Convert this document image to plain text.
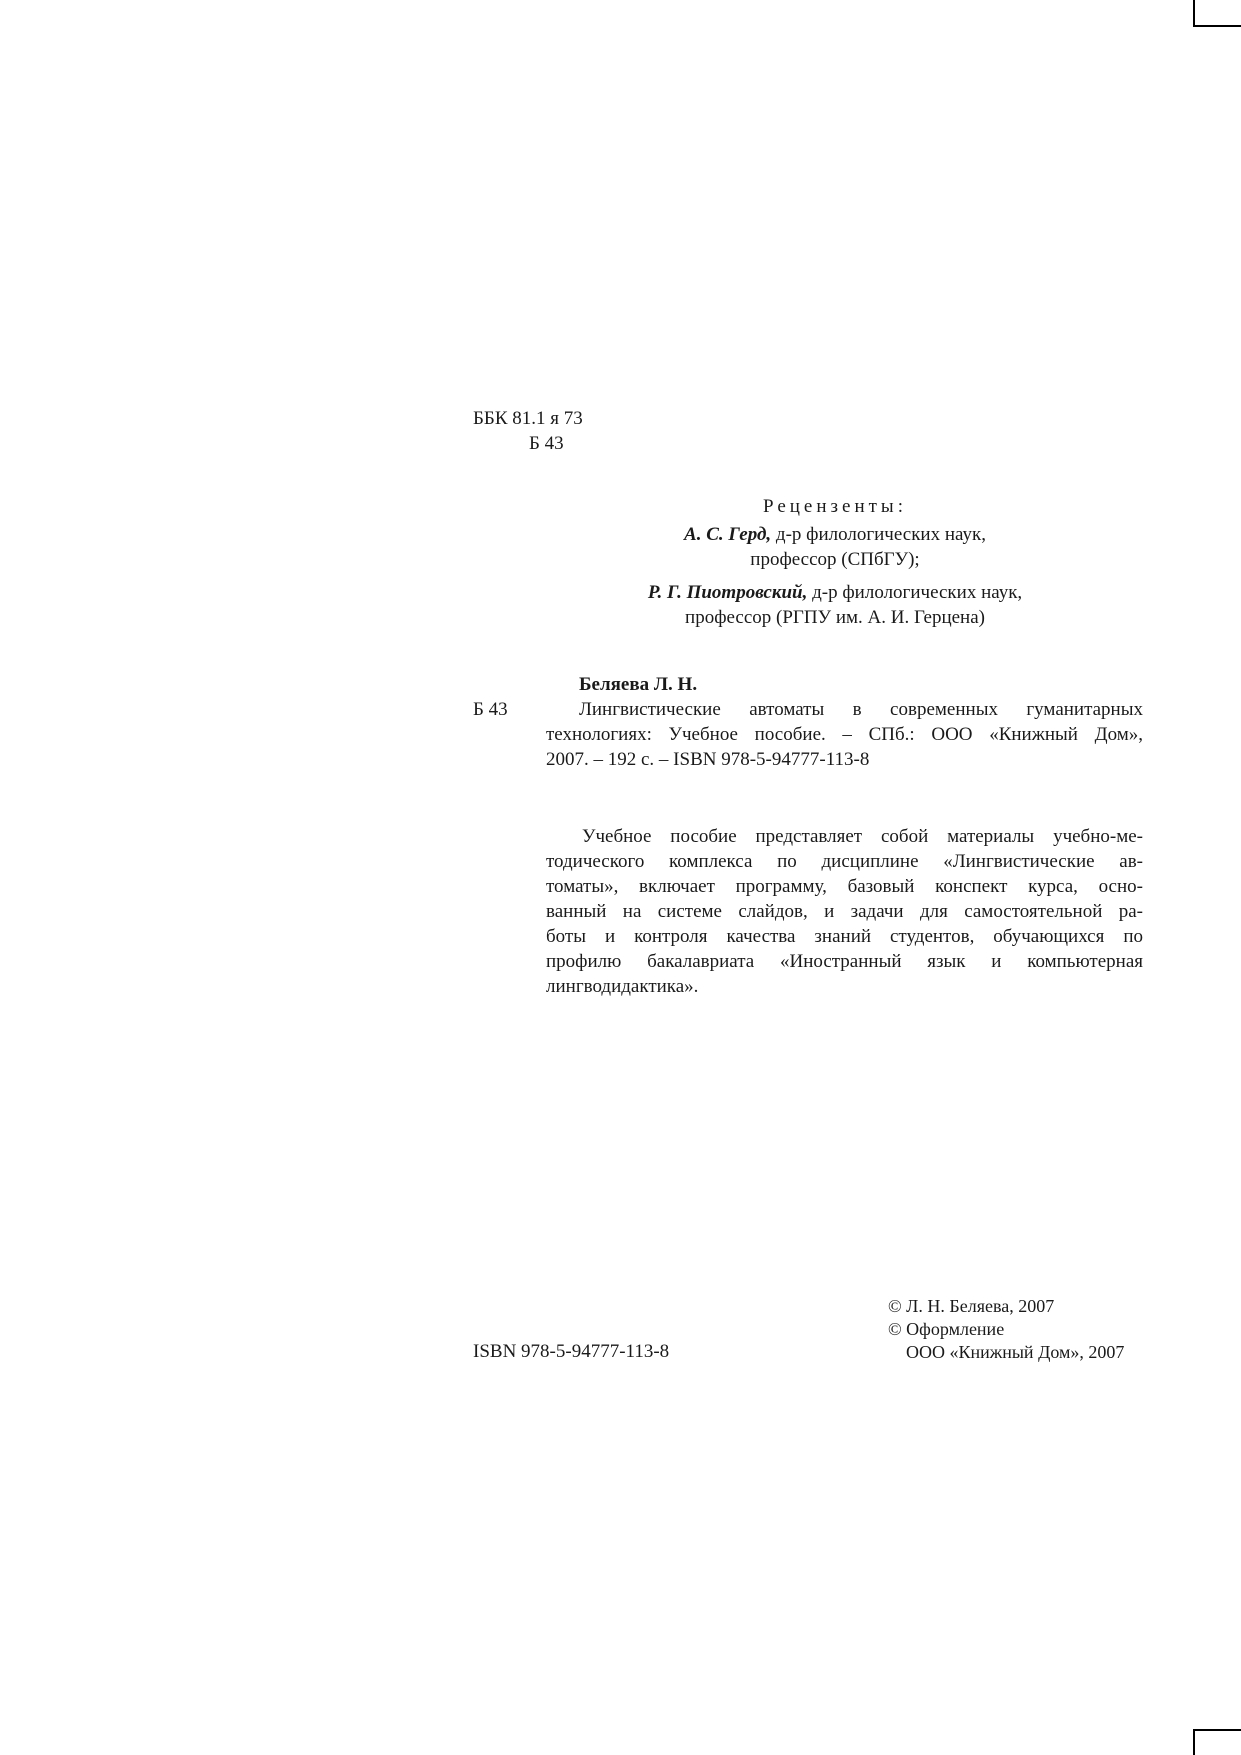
ББК 81.1 я 73
Б 43
Рецензенты:
А. С. Герд, д-р филологических наук,
профессор (СПбГУ);
Р. Г. Пиотровский, д-р филологических наук,
профессор (РГПУ им. А. И. Герцена)
Беляева Л. Н.
Б 43	Лингвистические автоматы в современных гуманитарных
технологиях: Учебное пособие. – СПб.: ООО «Книжный Дом»,
2007. – 192 с. – ISBN 978-5-94777-113-8
Учебное пособие представляет собой материалы учебно-ме-
тодического комплекса по дисциплине «Лингвистические ав-
томаты», включает программу, базовый конспект курса, осно-
ванный на системе слайдов, и задачи для самостоятельной ра-
боты и контроля качества знаний студентов, обучающихся по
профилю бакалавриата «Иностранный язык и компьютерная
лингводидактика».
© Л. Н. Беляева, 2007
© Оформление
ООО «Книжный Дом», 2007
ISBN 978-5-94777-113-8
